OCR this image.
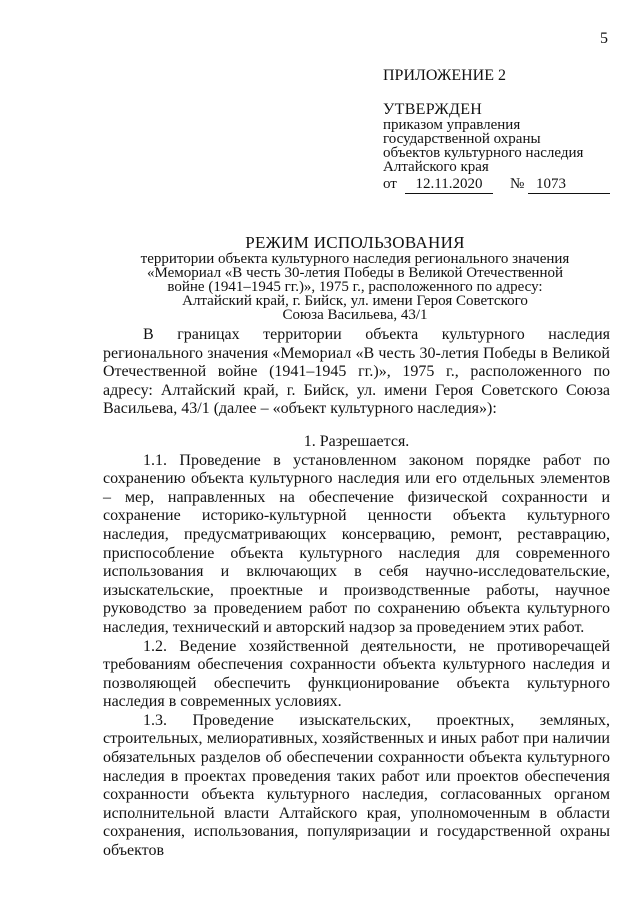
5
ПРИЛОЖЕНИЕ 2
УТВЕРЖДЕН
приказом управления
государственной охраны
объектов культурного наследия
Алтайского края
от	12.11.2020	№ 1073
РЕЖИМ ИСПОЛЬЗОВАНИЯ
территории объекта культурного наследия регионального значения
«Мемориал «В честь 30-летия Победы в Великой Отечественной
войне (1941–1945 гг.)», 1975 г., расположенного по адресу:
Алтайский край, г. Бийск, ул. имени Героя Советского
Союза Васильева, 43/1

В границах территории объекта культурного наследия регионального значения «Мемориал «В честь 30-летия Победы в Великой Отечественной войне (1941–1945 гг.)», 1975 г., расположенного по адресу: Алтайский край, г. Бийск, ул. имени Героя Советского Союза Васильева, 43/1 (далее – «объект культурного наследия»):

1. Разрешается.

1.1. Проведение в установленном законом порядке работ по сохранению объекта культурного наследия или его отдельных элементов – мер, направленных на обеспечение физической сохранности и сохранение историко-культурной ценности объекта культурного наследия, предусматривающих консервацию, ремонт, реставрацию, приспособление объекта культурного наследия для современного использования и включающих в себя научно-исследовательские, изыскательские, проектные и производственные работы, научное руководство за проведением работ по сохранению объекта культурного наследия, технический и авторский надзор за проведением этих работ.

1.2. Ведение хозяйственной деятельности, не противоречащей требованиям обеспечения сохранности объекта культурного наследия и позволяющей обеспечить функционирование объекта культурного наследия в современных условиях.

1.3. Проведение изыскательских, проектных, земляных, строительных, мелиоративных, хозяйственных и иных работ при наличии обязательных разделов об обеспечении сохранности объекта культурного наследия в проектах проведения таких работ или проектов обеспечения сохранности объекта культурного наследия, согласованных органом исполнительной власти Алтайского края, уполномоченным в области сохранения, использования, популяризации и государственной охраны объектов
